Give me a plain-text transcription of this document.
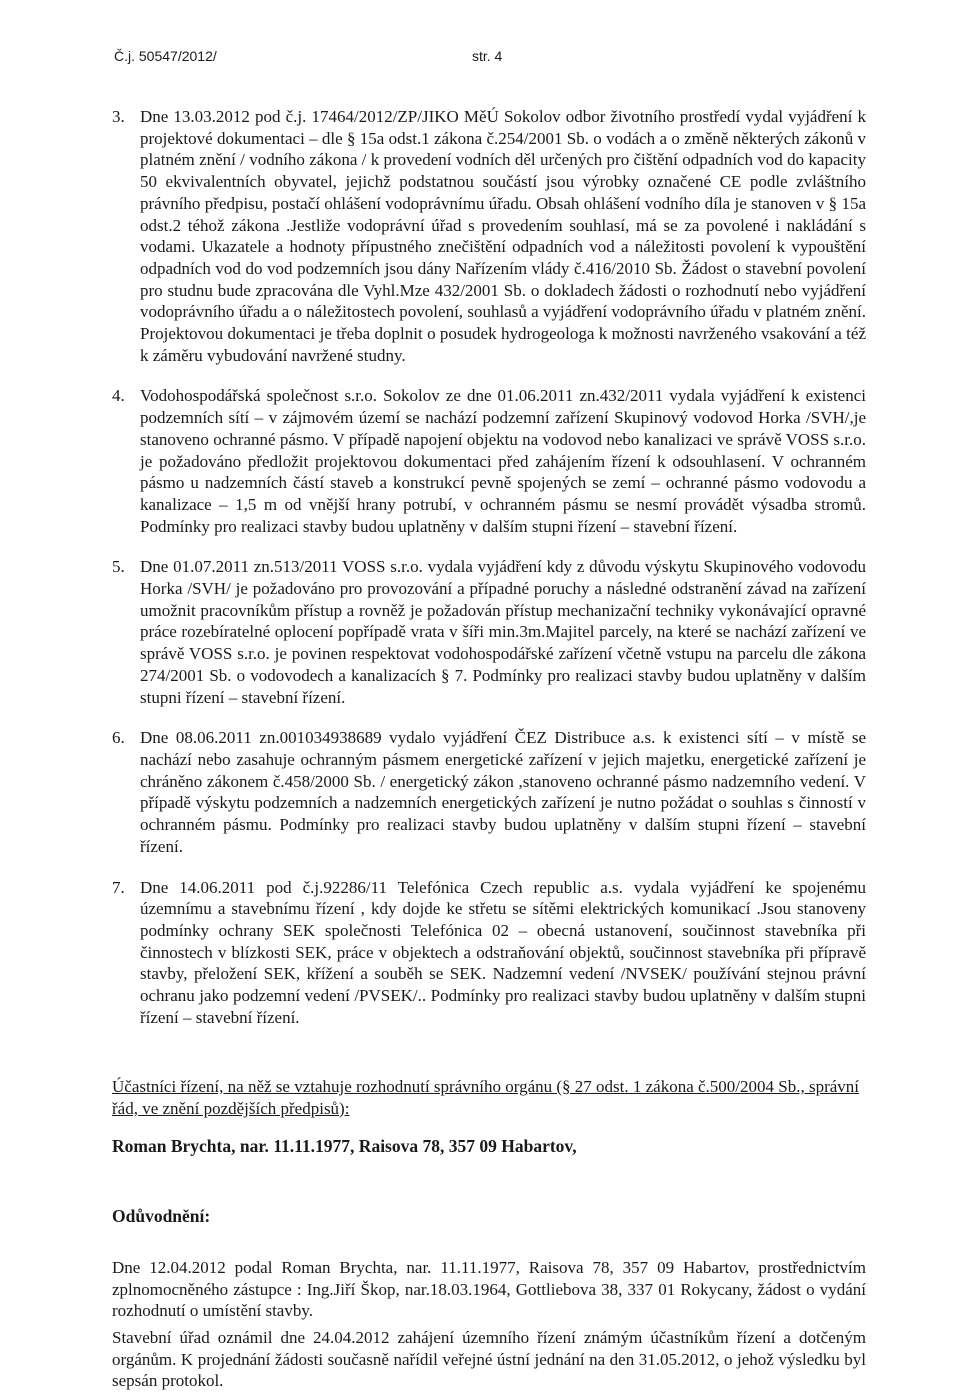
Č.j. 50547/2012/	str. 4
3. Dne 13.03.2012 pod č.j. 17464/2012/ZP/JIKO MěÚ Sokolov odbor životního prostředí vydal vyjádření k projektové dokumentaci – dle § 15a odst.1 zákona č.254/2001 Sb. o vodách a o změně některých zákonů v platném znění / vodního zákona / k provedení vodních děl určených pro čištění odpadních vod do kapacity 50 ekvivalentních obyvatel, jejichž podstatnou součástí jsou výrobky označené CE podle zvláštního právního předpisu, postačí ohlášení vodoprávnímu úřadu. Obsah ohlášení vodního díla je stanoven v § 15a odst.2 téhož zákona .Jestliže vodoprávní úřad s provedením souhlasí, má se za povolené i nakládání s vodami. Ukazatele a hodnoty přípustného znečištění odpadních vod a náležitosti povolení k vypouštění odpadních vod do vod podzemních jsou dány Nařízením vlády č.416/2010 Sb. Žádost o stavební povolení pro studnu bude zpracována dle Vyhl.Mze 432/2001 Sb. o dokladech žádosti o rozhodnutí nebo vyjádření vodoprávního úřadu a o náležitostech povolení, souhlasů a vyjádření vodoprávního úřadu v platném znění. Projektovou dokumentaci je třeba doplnit o posudek hydrogeologa k možnosti navrženého vsakování a též k záměru vybudování navržené studny.
4. Vodohospodářská společnost s.r.o. Sokolov ze dne 01.06.2011 zn.432/2011 vydala vyjádření k existenci podzemních sítí – v zájmovém území se nachází podzemní zařízení Skupinový vodovod Horka /SVH/,je stanoveno ochranné pásmo. V případě napojení objektu na vodovod nebo kanalizaci ve správě VOSS s.r.o. je požadováno předložit projektovou dokumentaci před zahájením řízení k odsouhlasení. V ochranném pásmo u nadzemních částí staveb a konstrukcí pevně spojených se zemí – ochranné pásmo vodovodu a kanalizace – 1,5 m od vnější hrany potrubí, v ochranném pásmu se nesmí provádět výsadba stromů. Podmínky pro realizaci stavby budou uplatněny v dalším stupni řízení – stavební řízení.
5. Dne 01.07.2011 zn.513/2011 VOSS s.r.o. vydala vyjádření kdy z důvodu výskytu Skupinového vodovodu Horka /SVH/ je požadováno pro provozování a případné poruchy a následné odstranění závad na zařízení umožnit pracovníkům přístup a rovněž je požadován přístup mechanizační techniky vykonávající opravné práce rozebíratelné oplocení popřípadě vrata v šíři min.3m.Majitel parcely, na které se nachází zařízení ve správě VOSS s.r.o. je povinen respektovat vodohospodářské zařízení včetně vstupu na parcelu dle zákona 274/2001 Sb. o vodovodech a kanalizacích § 7. Podmínky pro realizaci stavby budou uplatněny v dalším stupni řízení – stavební řízení.
6. Dne 08.06.2011 zn.001034938689 vydalo vyjádření ČEZ Distribuce a.s. k existenci sítí – v místě se nachází nebo zasahuje ochranným pásmem energetické zařízení v jejich majetku, energetické zařízení je chráněno zákonem č.458/2000 Sb. / energetický zákon ,stanoveno ochranné pásmo nadzemního vedení. V případě výskytu podzemních a nadzemních energetických zařízení je nutno požádat o souhlas s činností v ochranném pásmu. Podmínky pro realizaci stavby budou uplatněny v dalším stupni řízení – stavební řízení.
7. Dne 14.06.2011 pod č.j.92286/11 Telefónica Czech republic a.s. vydala vyjádření ke spojenému územnímu a stavebnímu řízení , kdy dojde ke střetu se sítěmi elektrických komunikací .Jsou stanoveny podmínky ochrany SEK společnosti Telefónica 02 – obecná ustanovení, součinnost stavebníka při činnostech v blízkosti SEK, práce v objektech a odstraňování objektů, součinnost stavebníka při přípravě stavby, přeložení SEK, křížení a souběh se SEK. Nadzemní vedení /NVSEK/ používání stejnou právní ochranu jako podzemní vedení /PVSEK/.. Podmínky pro realizaci stavby budou uplatněny v dalším stupni řízení – stavební řízení.
Účastníci řízení, na něž se vztahuje rozhodnutí správního orgánu (§ 27 odst. 1 zákona č.500/2004 Sb., správní řád, ve znění pozdějších předpisů):
Roman Brychta, nar. 11.11.1977, Raisova 78, 357 09 Habartov,
Odůvodnění:
Dne 12.04.2012 podal Roman Brychta, nar. 11.11.1977, Raisova 78, 357 09 Habartov, prostřednictvím zplnomocněného zástupce : Ing.Jiří Škop, nar.18.03.1964, Gottliebova 38, 337 01 Rokycany, žádost o vydání rozhodnutí o umístění stavby.
Stavební úřad oznámil dne 24.04.2012 zahájení územního řízení známým účastníkům řízení a dotčeným orgánům. K projednání žádosti současně nařídil veřejné ústní jednání na den 31.05.2012, o jehož výsledku byl sepsán protokol.
